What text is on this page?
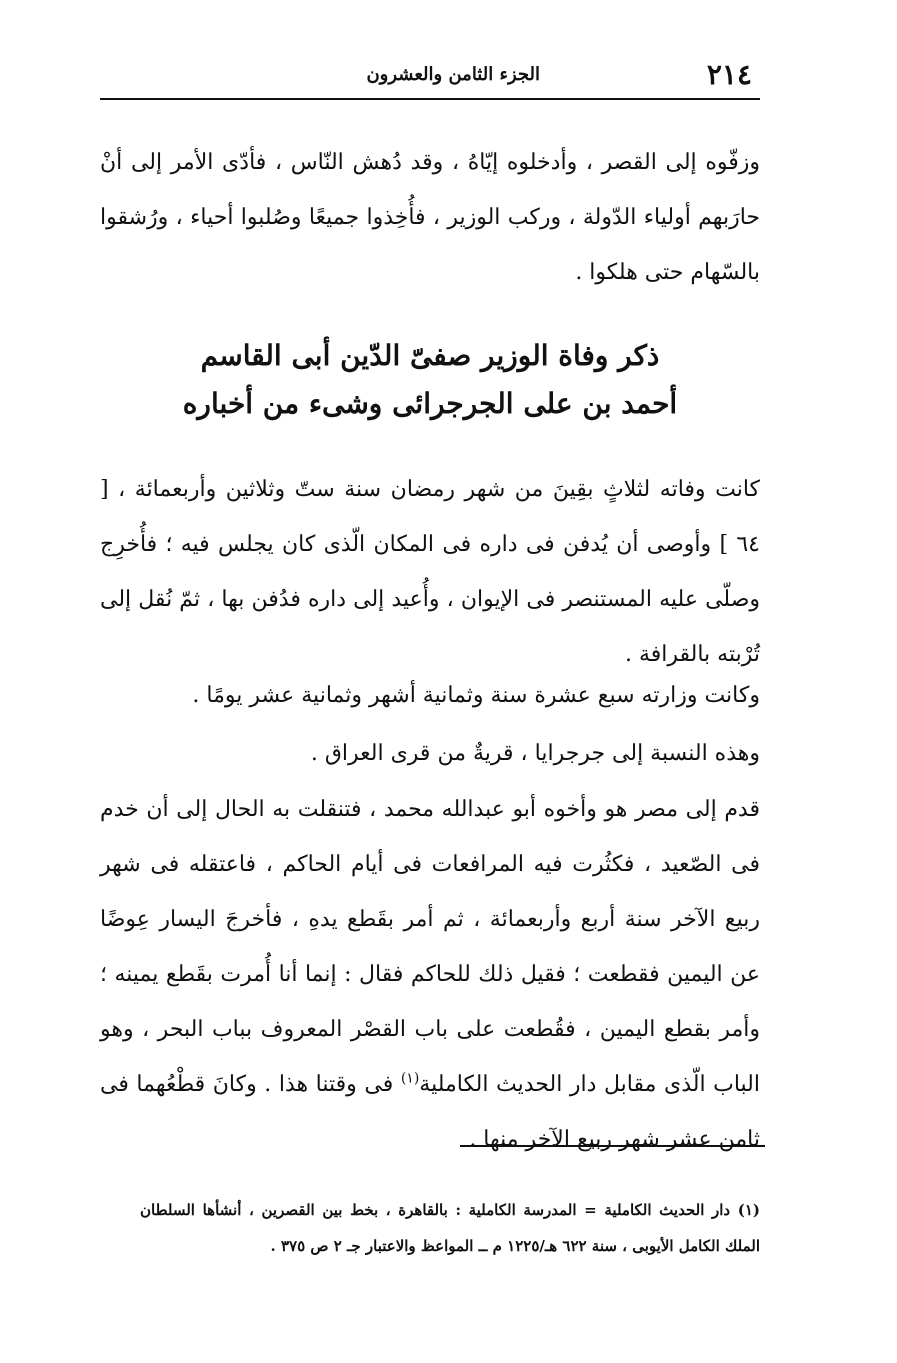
٢١٤
الجزء الثامن والعشرون

وزفّوه إلى القصر ، وأدخلوه إيّاهُ ، وقد دُهش النّاس ، فأدّى الأمر إلى أنْ حارَبهم أولياء الدّولة ، وركب الوزير ، فأُخِذوا جميعًا وصُلبوا أحياء ، ورُشقوا بالسّهام حتى هلكوا .

ذكر وفاة الوزير صفىّ الدّين أبى القاسم
أحمد بن على الجرجرائى وشىء من أخباره

كانت وفاته لثلاثٍ بقِينَ من شهر رمضان سنة ستّ وثلاثين وأربعمائة ، [ ٦٤ ] وأوصى أن يُدفن فى داره فى المكان الّذى كان يجلس فيه ؛ فأُخرِج وصلّى عليه المستنصر فى الإيوان ، وأُعيد إلى داره فدُفن بها ، ثمّ نُقل إلى تُرْبته بالقرافة .

وكانت وزارته سبع عشرة سنة وثمانية أشهر وثمانية عشر يومًا .

وهذه النسبة إلى جرجرايا ، قريةٌ من قرى العراق .

قدم إلى مصر هو وأخوه أبو عبدالله محمد ، فتنقلت به الحال إلى أن خدم فى الصّعيد ، فكثُرت فيه المرافعات فى أيام الحاكم ، فاعتقله فى شهر ربيع الآخر سنة أربع وأربعمائة ، ثم أمر بقَطع يدهِ ، فأخرجَ اليسار عِوضًا عن اليمين فقطعت ؛ فقيل ذلك للحاكم فقال : إنما أنا أُمرت بقَطع يمينه ؛ وأمر بقطع اليمين ، فقُطعت على باب القصْر المعروف بباب البحر ، وهو الباب الّذى مقابل دار الحديث الكاملية$^{(١)}$ فى وقتنا هذا . وكانَ قطْعُهما فى ثامن عشر شهر ربيع الآخر منها .

(١) دار الحديث الكاملية = المدرسة الكاملية : بالقاهرة ، بخط بين القصرين ، أنشأها السلطان الملك الكامل الأيوبى ، سنة ٦٢٢ هـ/١٢٢٥ م ــ المواعظ والاعتبار جـ ٢ ص ٣٧٥ .
